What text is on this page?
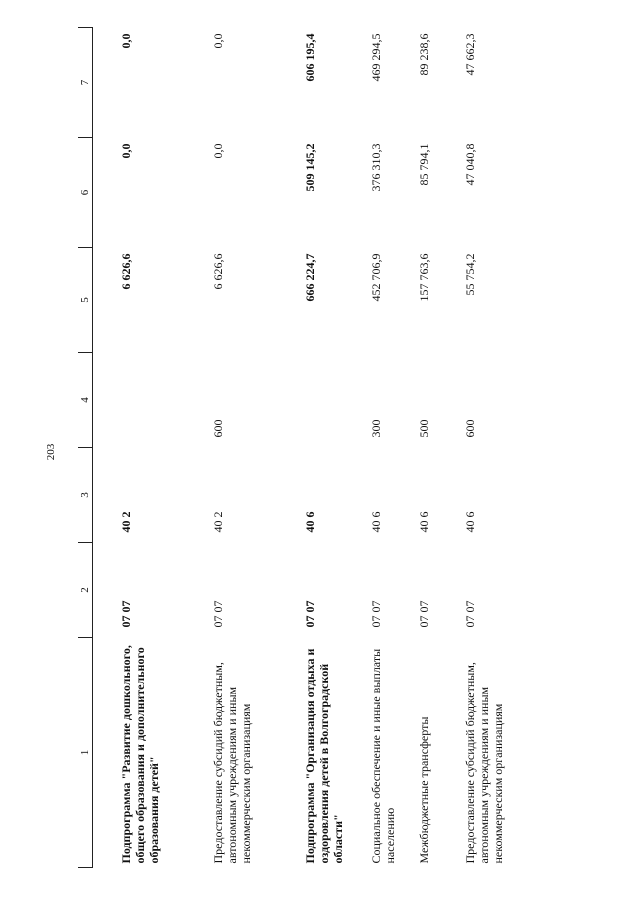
203
1	2	3	4	5	6	7

Подпрограмма "Развитие дошкольного, общего образования и дополнительного образования детей"	07 07	40 2		6 626,6	0,0	0,0
Предоставление субсидий бюджетным, автономным учреждениям и иным некоммерческим организациям	07 07	40 2	600	6 626,6	0,0	0,0
Подпрограмма "Организация отдыха и оздоровления детей в Волгоградской области"	07 07	40 6		666 224,7	509 145,2	606 195,4
Социальное обеспечение и иные выплаты населению	07 07	40 6	300	452 706,9	376 310,3	469 294,5
Межбюджетные трансферты	07 07	40 6	500	157 763,6	85 794,1	89 238,6
Предоставление субсидий бюджетным, автономным учреждениям и иным некоммерческим организациям	07 07	40 6	600	55 754,2	47 040,8	47 662,3
